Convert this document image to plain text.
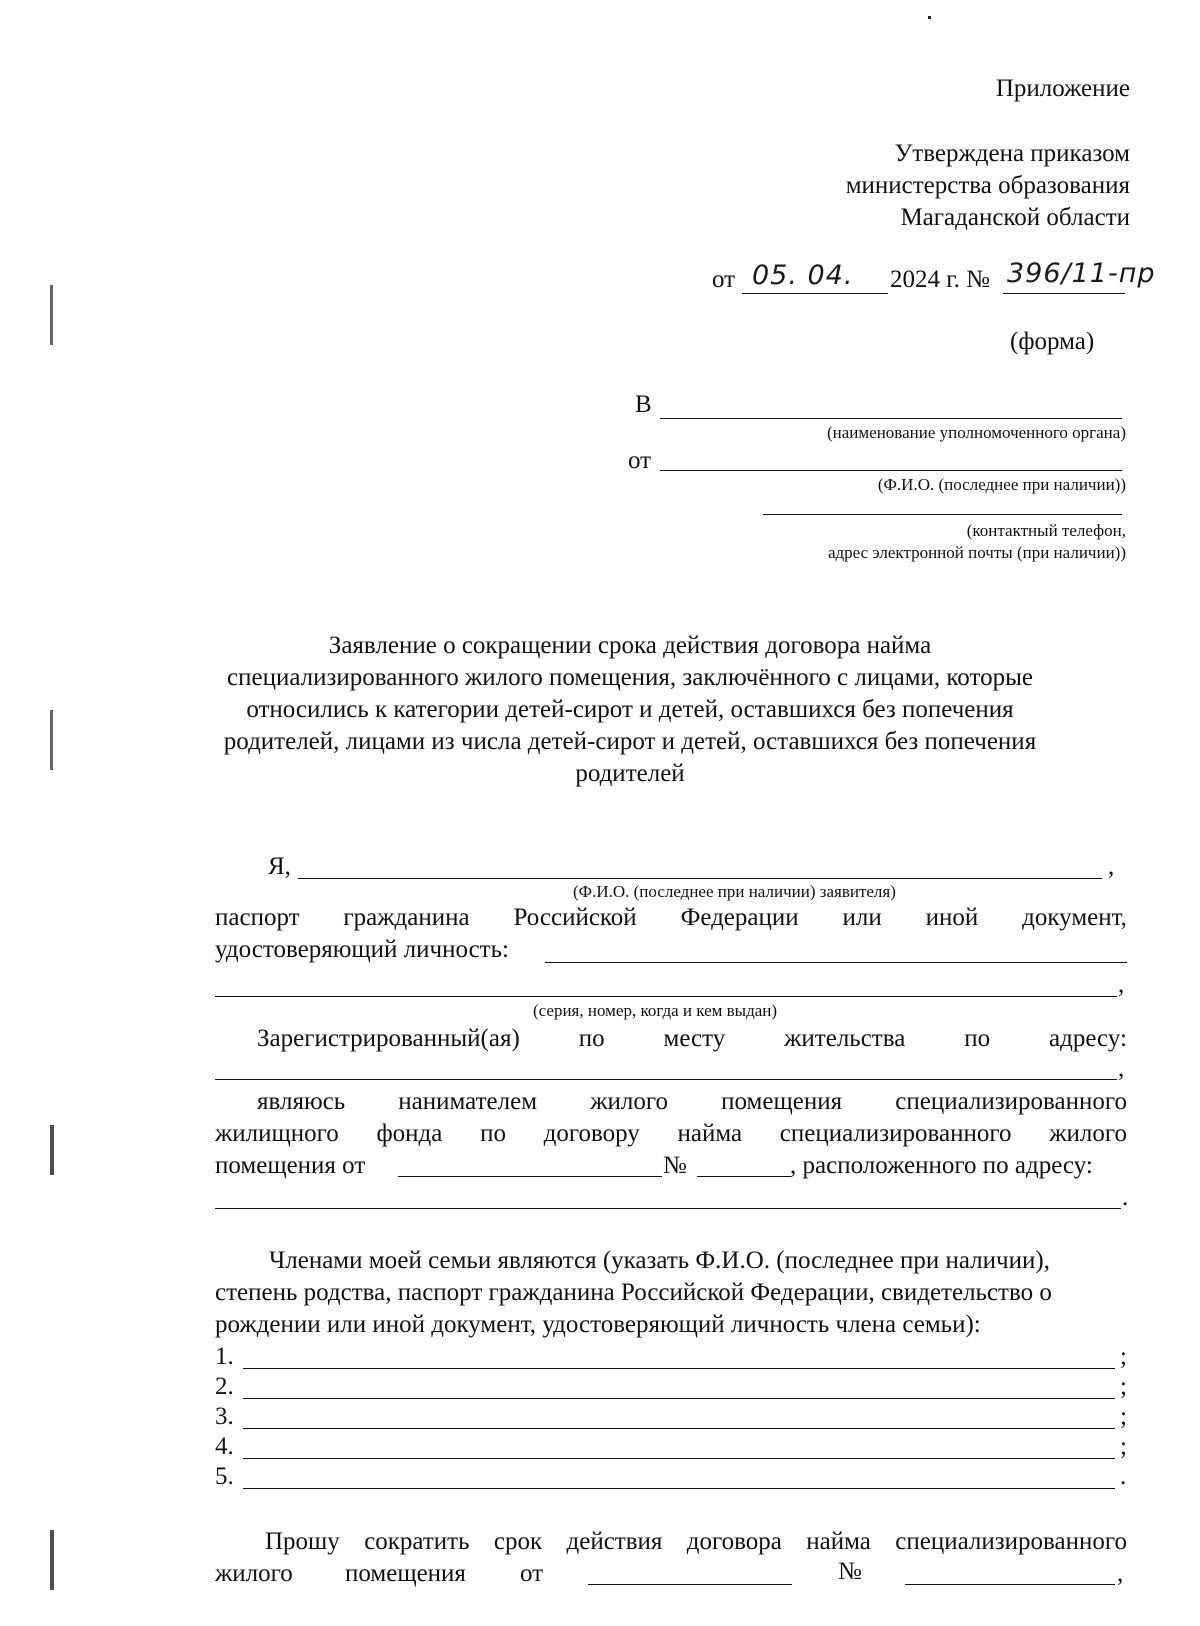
Приложение
Утверждена приказом
министерства образования
Магаданской области
от 05. 04. 2024 г. № 396/11-пр
(форма)
В
(наименование уполномоченного органа)
от
(Ф.И.О. (последнее при наличии))
(контактный телефон,
адрес электронной почты (при наличии))
Заявление о сокращении срока действия договора найма
специализированного жилого помещения, заключённого с лицами, которые
относились к категории детей-сирот и детей, оставшихся без попечения
родителей, лицами из числа детей-сирот и детей, оставшихся без попечения
родителей
Я,	,
(Ф.И.О. (последнее при наличии) заявителя)
паспорт гражданина Российской Федерации или иной документ,
удостоверяющий личность:
,
(серия, номер, когда и кем выдан)
Зарегистрированный(ая) по месту жительства по адресу:
,
являюсь нанимателем жилого помещения специализированного
жилищного фонда по договору найма специализированного жилого
помещения от	№	, расположенного по адресу:
.
Членами моей семьи являются (указать Ф.И.О. (последнее при наличии),
степень родства, паспорт гражданина Российской Федерации, свидетельство о
рождении или иной документ, удостоверяющий личность члена семьи):
1.	;
2.	;
3.	;
4.	;
5.	.
Прошу сократить срок действия договора найма специализированного
жилого помещения от	№	,
